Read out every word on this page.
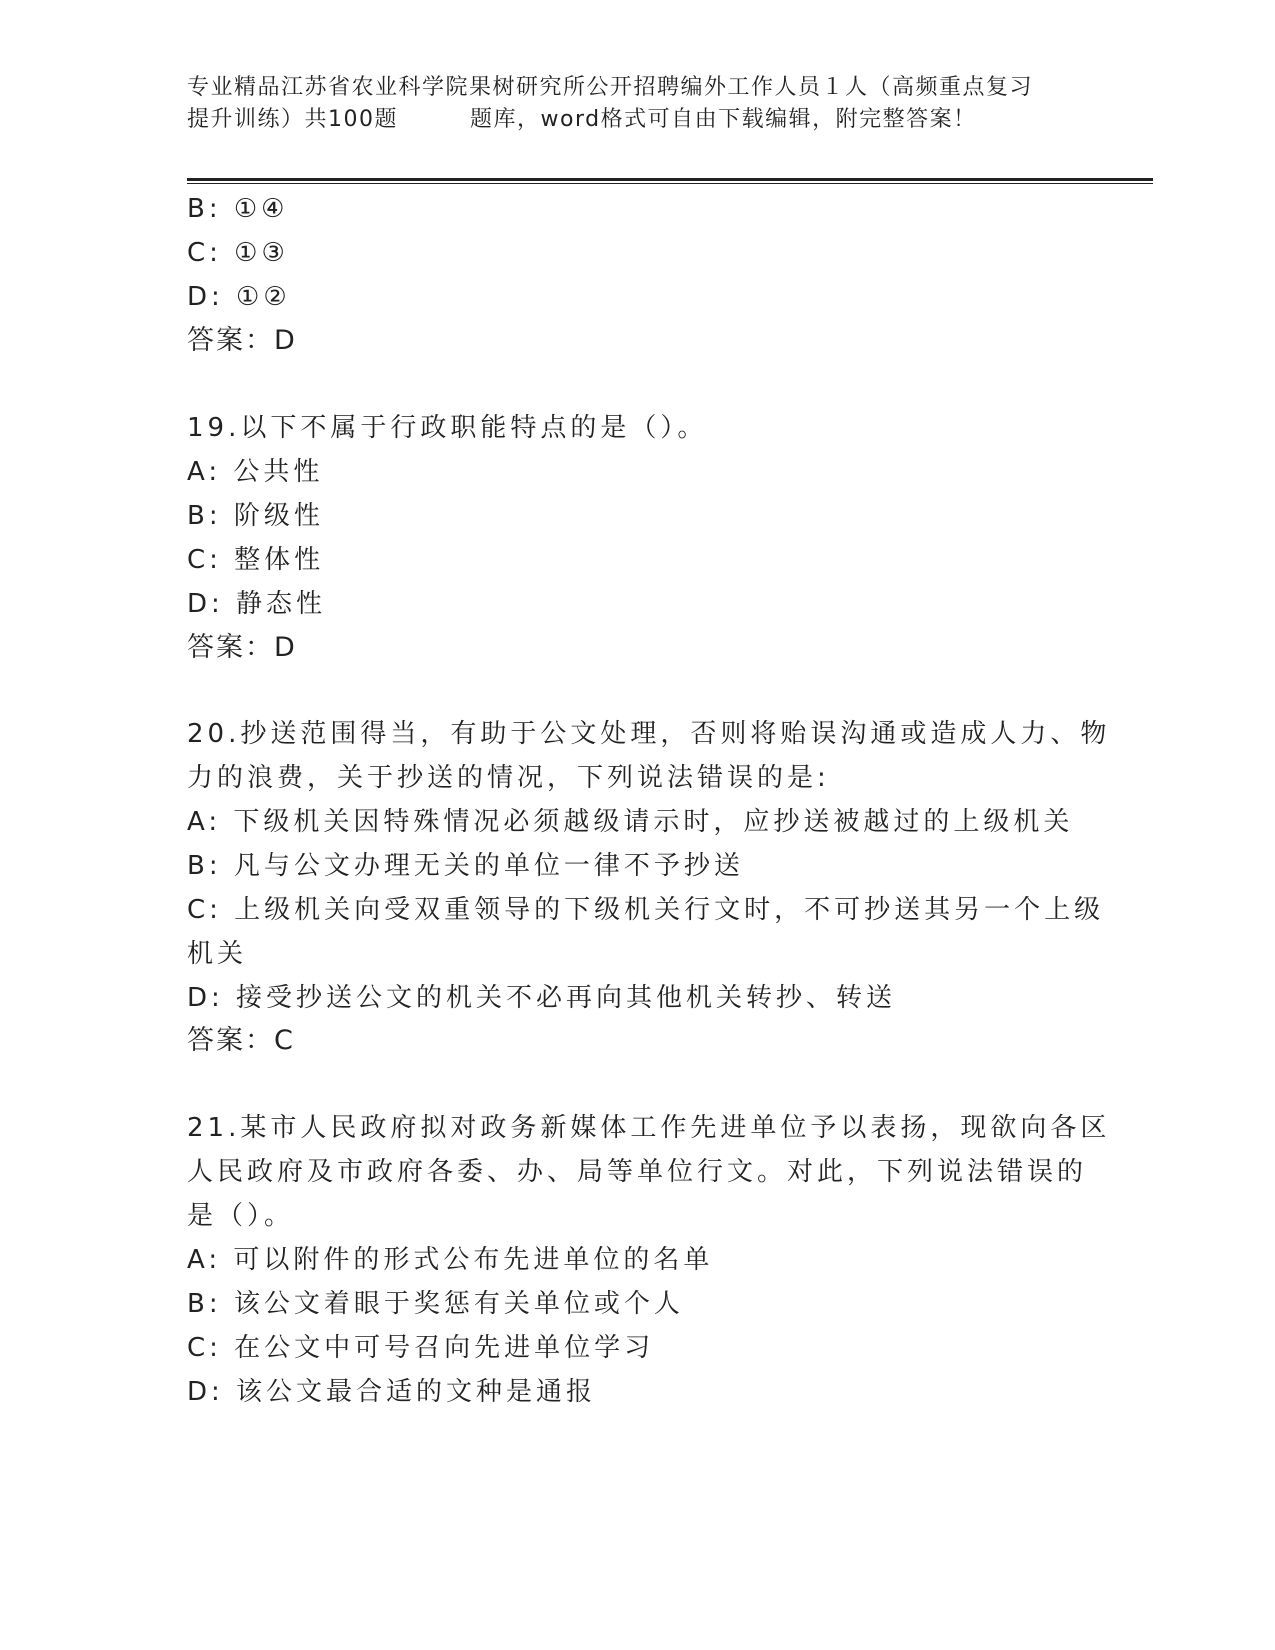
专业精品江苏省农业科学院果树研究所公开招聘编外工作人员１人（高频重点复习
提升训练）共100题	题库，word格式可自由下载编辑，附完整答案！
B: ①④
C: ①③
D: ①②
答案：D
19.以下不属于行政职能特点的是（）。
A: 公共性
B: 阶级性
C: 整体性
D: 静态性
答案：D
20.抄送范围得当，有助于公文处理，否则将贻误沟通或造成人力、物
力的浪费，关于抄送的情况，下列说法错误的是:
A: 下级机关因特殊情况必须越级请示时，应抄送被越过的上级机关
B: 凡与公文办理无关的单位一律不予抄送
C: 上级机关向受双重领导的下级机关行文时，不可抄送其另一个上级
机关
D: 接受抄送公文的机关不必再向其他机关转抄、转送
答案：C
21.某市人民政府拟对政务新媒体工作先进单位予以表扬，现欲向各区
人民政府及市政府各委、办、局等单位行文。对此，下列说法错误的
是（）。
A: 可以附件的形式公布先进单位的名单
B: 该公文着眼于奖惩有关单位或个人
C: 在公文中可号召向先进单位学习
D: 该公文最合适的文种是通报
